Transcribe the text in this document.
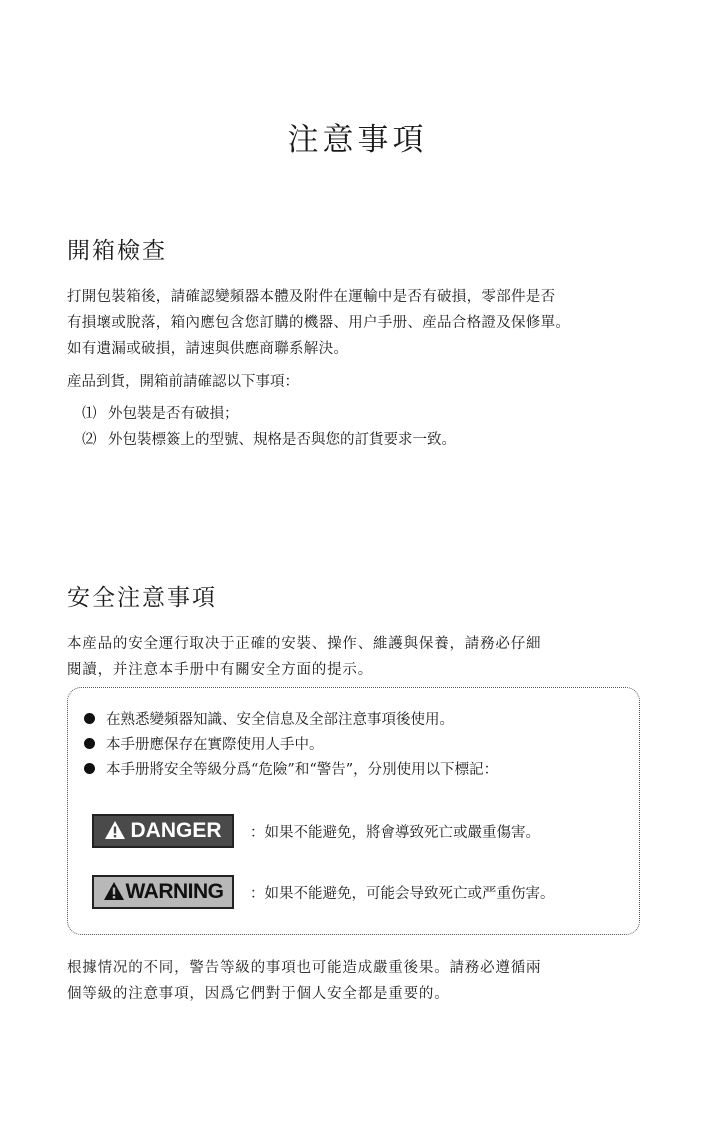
注意事項
開箱檢查
打開包裝箱後，請確認變頻器本體及附件在運輸中是否有破損，零部件是否
有損壞或脫落，箱內應包含您訂購的機器、用户手册、産品合格證及保修單。
如有遺漏或破損，請速與供應商聯系解決。
産品到貨，開箱前請確認以下事項：
⑴ 外包裝是否有破損；
⑵ 外包裝標簽上的型號、規格是否與您的訂貨要求一致。
安全注意事項
本産品的安全運行取决于正確的安裝、操作、維護與保養，請務必仔細
閱讀，并注意本手册中有關安全方面的提示。
在熟悉變頻器知識、安全信息及全部注意事項後使用。
本手册應保存在實際使用人手中。
本手册將安全等級分爲“危險”和“警告”，分別使用以下標記：
DANGER	：如果不能避免，將會導致死亡或嚴重傷害。
WARNING	：如果不能避免，可能会导致死亡或严重伤害。
根據情况的不同，警告等級的事項也可能造成嚴重後果。請務必遵循兩
個等級的注意事項，因爲它們對于個人安全都是重要的。
